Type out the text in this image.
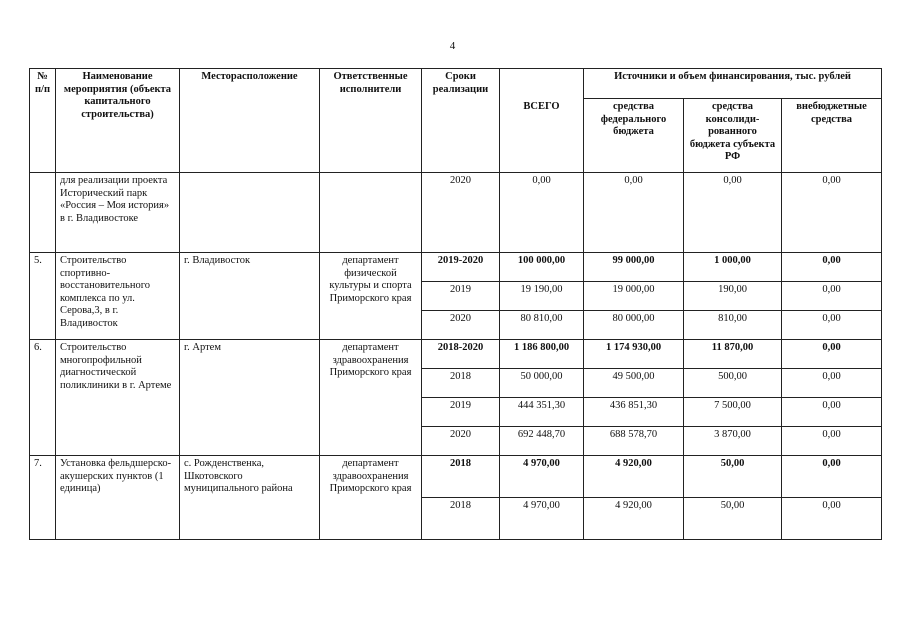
4
№ п/п	Наименование мероприятия (объекта капитального строительства)	Месторасположение	Ответственные исполнители	Сроки реализации		Источники и объем финансирования, тыс. рублей		
					ВСЕГО	средства федерального бюджета	средства консолиди-рованного бюджета субъекта РФ	внебюджетные средства
	для реализации проекта Исторический парк «Россия – Моя история» в г. Владивостоке			2020	0,00	0,00	0,00	0,00
5.	Строительство спортивно-восстановительного комплекса по ул. Серова,3, в г. Владивосток	г. Владивосток	департамент физической культуры и спорта Приморского края	2019-2020	100 000,00	99 000,00	1 000,00	0,00
				2019	19 190,00	19 000,00	190,00	0,00
				2020	80 810,00	80 000,00	810,00	0,00
6.	Строительство многопрофильной диагностической поликлиники в г. Артеме	г. Артем	департамент здравоохранения Приморского края	2018-2020	1 186 800,00	1 174 930,00	11 870,00	0,00
				2018	50 000,00	49 500,00	500,00	0,00
				2019	444 351,30	436 851,30	7 500,00	0,00
				2020	692 448,70	688 578,70	3 870,00	0,00
7.	Установка фельдшерско-акушерских пунктов (1 единица)	с. Рожденственка, Шкотовского муниципального района	департамент здравоохранения Приморского края	2018	4 970,00	4 920,00	50,00	0,00
				2018	4 970,00	4 920,00	50,00	0,00
